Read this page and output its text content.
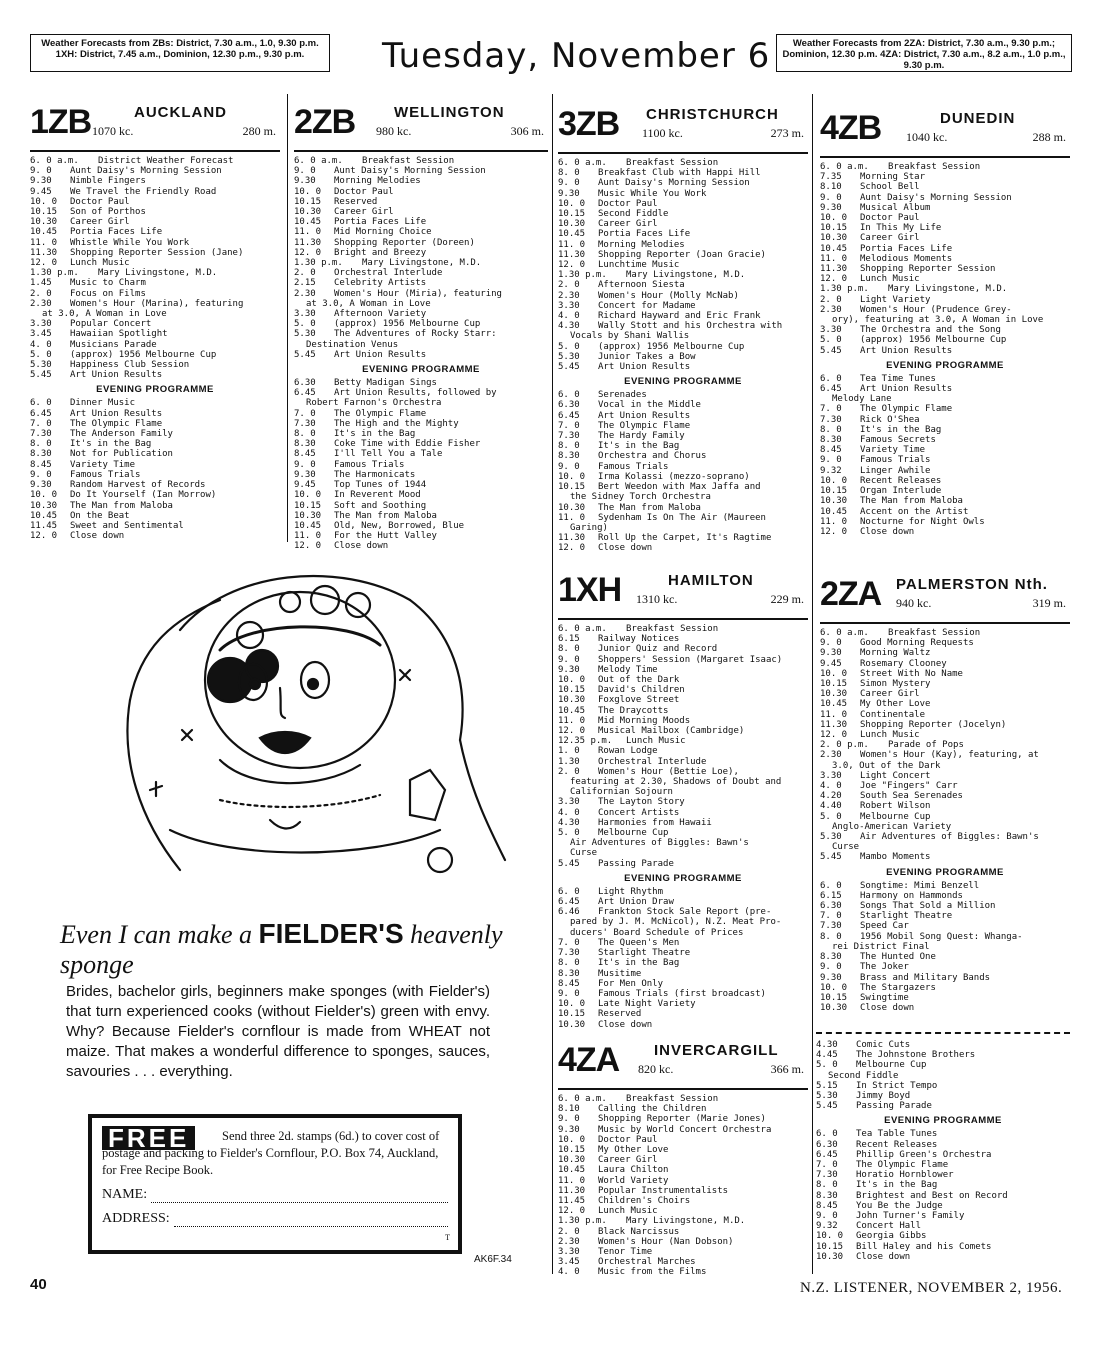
Weather Forecasts from ZBs: District, 7.30 a.m., 1.0, 9.30 p.m. 1XH: District, 7.45 a.m., Dominion, 12.30 p.m., 9.30 p.m.	Tuesday, November 6	Weather Forecasts from 2ZA: District, 7.30 a.m., 9.30 p.m.; Dominion, 12.30 p.m. 4ZA: District, 7.30 a.m., 8.2 a.m., 1.0 p.m., 9.30 p.m.
1ZB	AUCKLAND
1070 kc.	280 m.
6. 0 a.m. District Weather Forecast
9. 0 Aunt Daisy's Morning Session
9.30 Nimble Fingers
9.45 We Travel the Friendly Road
10. 0 Doctor Paul
10.15 Son of Porthos
10.30 Career Girl
10.45 Portia Faces Life
11. 0 Whistle While You Work
11.30 Shopping Reporter Session (Jane)
12. 0 Lunch Music
1.30 p.m. Mary Livingstone, M.D.
1.45 Music to Charm
2. 0 Focus on Films
2.30 Women's Hour (Marina), featuring
at 3.0, A Woman in Love
3.30 Popular Concert
3.45 Hawaiian Spotlight
4. 0 Musicians Parade
5. 0 (approx) 1956 Melbourne Cup
5.30 Happiness Club Session
5.45 Art Union Results
EVENING PROGRAMME
6. 0 Dinner Music
6.45 Art Union Results
7. 0 The Olympic Flame
7.30 The Anderson Family
8. 0 It's in the Bag
8.30 Not for Publication
8.45 Variety Time
9. 0 Famous Trials
9.30 Random Harvest of Records
10. 0 Do It Yourself (Ian Morrow)
10.30 The Man from Maloba
10.45 On the Beat
11.45 Sweet and Sentimental
12. 0 Close down
2ZB	WELLINGTON
980 kc.	306 m.
6. 0 a.m. Breakfast Session
9. 0 Aunt Daisy's Morning Session
9.30 Morning Melodies
10. 0 Doctor Paul
10.15 Reserved
10.30 Career Girl
10.45 Portia Faces Life
11. 0 Mid Morning Choice
11.30 Shopping Reporter (Doreen)
12. 0 Bright and Breezy
1.30 p.m. Mary Livingstone, M.D.
2. 0 Orchestral Interlude
2.15 Celebrity Artists
2.30 Women's Hour (Miria), featuring
at 3.0, A Woman in Love
3.30 Afternoon Variety
5. 0 (approx) 1956 Melbourne Cup
5.30 The Adventures of Rocky Starr:
Destination Venus
5.45 Art Union Results
EVENING PROGRAMME
6.30 Betty Madigan Sings
6.45 Art Union Results, followed by
Robert Farnon's Orchestra
7. 0 The Olympic Flame
7.30 The High and the Mighty
8. 0 It's in the Bag
8.30 Coke Time with Eddie Fisher
8.45 I'll Tell You a Tale
9. 0 Famous Trials
9.30 The Harmonicats
9.45 Top Tunes of 1944
10. 0 In Reverent Mood
10.15 Soft and Soothing
10.30 The Man from Maloba
10.45 Old, New, Borrowed, Blue
11. 0 For the Hutt Valley
12. 0 Close down
3ZB CHRISTCHURCH
1100 kc.	273 m.
6. 0 a.m. Breakfast Session
8. 0 Breakfast Club with Happi Hill
9. 0 Aunt Daisy's Morning Session
9.30 Music While You Work
10. 0 Doctor Paul
10.15 Second Fiddle
10.30 Career Girl
10.45 Portia Faces Life
11. 0 Morning Melodies
11.30 Shopping Reporter (Joan Gracie)
12. 0 Lunchtime Music
1.30 p.m. Mary Livingstone, M.D.
2. 0 Afternoon Siesta
2.30 Women's Hour (Molly McNab)
3.30 Concert for Madame
4. 0 Richard Hayward and Eric Frank
4.30 Wally Stott and his Orchestra with
Vocals by Shani Wallis
5. 0 (approx) 1956 Melbourne Cup
5.30 Junior Takes a Bow
5.45 Art Union Results
EVENING PROGRAMME
6. 0 Serenades
6.30 Vocal in the Middle
6.45 Art Union Results
7. 0 The Olympic Flame
7.30 The Hardy Family
8. 0 It's in the Bag
8.30 Orchestra and Chorus
9. 0 Famous Trials
10. 0 Irma Kolassi (mezzo-soprano)
10.15 Bert Weedon with Max Jaffa and
the Sidney Torch Orchestra
10.30 The Man from Maloba
11. 0 Sydenham Is On The Air (Maureen
Garing)
11.30 Roll Up the Carpet, It's Ragtime
12. 0 Close down
4ZB	DUNEDIN
1040 kc.	288 m.
6. 0 a.m. Breakfast Session
7.35 Morning Star
8.10 School Bell
9. 0 Aunt Daisy's Morning Session
9.30 Musical Album
10. 0 Doctor Paul
10.15 In This My Life
10.30 Career Girl
10.45 Portia Faces Life
11. 0 Melodious Moments
11.30 Shopping Reporter Session
12. 0 Lunch Music
1.30 p.m. Mary Livingstone, M.D.
2. 0 Light Variety
2.30 Women's Hour (Prudence Grey-
ory), featuring at 3.0, A Woman in Love
3.30 The Orchestra and the Song
5. 0 (approx) 1956 Melbourne Cup
5.45 Art Union Results
EVENING PROGRAMME
6. 0 Tea Time Tunes
6.45 Art Union Results
Melody Lane
7. 0 The Olympic Flame
7.30 Rick O'Shea
8. 0 It's in the Bag
8.30 Famous Secrets
8.45 Variety Time
9. 0 Famous Trials
9.32 Linger Awhile
10. 0 Recent Releases
10.15 Organ Interlude
10.30 The Man from Maloba
10.45 Accent on the Artist
11. 0 Nocturne for Night Owls
12. 0 Close down
1XH	HAMILTON
1310 kc.	229 m.
6. 0 a.m. Breakfast Session
6.15 Railway Notices
8. 0 Junior Quiz and Record
9. 0 Shoppers' Session (Margaret Isaac)
9.30 Melody Time
10. 0 Out of the Dark
10.15 David's Children
10.30 Foxglove Street
10.45 The Draycotts
11. 0 Mid Morning Moods
12. 0 Musical Mailbox (Cambridge)
12.35 p.m. Lunch Music
1. 0 Rowan Lodge
1.30 Orchestral Interlude
2. 0 Women's Hour (Bettie Loe),
featuring at 2.30, Shadows of Doubt and
Californian Sojourn
3.30 The Layton Story
4. 0 Concert Artists
4.30 Harmonies from Hawaii
5. 0 Melbourne Cup
Air Adventures of Biggles: Bawn's
Curse
5.45 Passing Parade
EVENING PROGRAMME
6. 0 Light Rhythm
6.45 Art Union Draw
6.46 Frankton Stock Sale Report (pre-
pared by J. M. McNicol), N.Z. Meat Pro-
ducers' Board Schedule of Prices
7. 0 The Queen's Men
7.30 Starlight Theatre
8. 0 It's in the Bag
8.30 Musitime
8.45 For Men Only
9. 0 Famous Trials (first broadcast)
10. 0 Late Night Variety
10.15 Reserved
10.30 Close down
2ZA PALMERSTON Nth.
940 kc.	319 m.
6. 0 a.m. Breakfast Session
9. 0 Good Morning Requests
9.30 Morning Waltz
9.45 Rosemary Clooney
10. 0 Street With No Name
10.15 Simon Mystery
10.30 Career Girl
10.45 My Other Love
11. 0 Continentale
11.30 Shopping Reporter (Jocelyn)
12. 0 Lunch Music
2. 0 p.m. Parade of Pops
2.30 Women's Hour (Kay), featuring, at
3.0, Out of the Dark
3.30 Light Concert
4. 0 Joe "Fingers" Carr
4.20 South Sea Serenades
4.40 Robert Wilson
5. 0 Melbourne Cup
Anglo-American Variety
5.30 Air Adventures of Biggles: Bawn's
Curse
5.45 Mambo Moments
EVENING PROGRAMME
6. 0 Songtime: Mimi Benzell
6.15 Harmony on Hammonds
6.30 Songs That Sold a Million
7. 0 Starlight Theatre
7.30 Speed Car
8. 0 1956 Mobil Song Quest: Whanga-
rei District Final
8.30 The Hunted One
9. 0 The Joker
9.30 Brass and Military Bands
10. 0 The Stargazers
10.15 Swingtime
10.30 Close down
4ZA INVERCARGILL
820 kc.	366 m.
6. 0 a.m. Breakfast Session
8.10 Calling the Children
9. 0 Shopping Reporter (Marie Jones)
9.30 Music by World Concert Orchestra
10. 0 Doctor Paul
10.15 My Other Love
10.30 Career Girl
10.45 Laura Chilton
11. 0 World Variety
11.30 Popular Instrumentalists
11.45 Children's Choirs
12. 0 Lunch Music
1.30 p.m. Mary Livingstone, M.D.
2. 0 Black Narcissus
2.30 Women's Hour (Nan Dobson)
3.30 Tenor Time
3.45 Orchestral Marches
4. 0 Music from the Films
4.30 Comic Cuts
4.45 The Johnstone Brothers
5. 0 Melbourne Cup
Second Fiddle
5.15 In Strict Tempo
5.30 Jimmy Boyd
5.45 Passing Parade
EVENING PROGRAMME
6. 0 Tea Table Tunes
6.30 Recent Releases
6.45 Phillip Green's Orchestra
7. 0 The Olympic Flame
7.30 Horatio Hornblower
8. 0 It's in the Bag
8.30 Brightest and Best on Record
8.45 You Be the Judge
9. 0 John Turner's Family
9.32 Concert Hall
10. 0 Georgia Gibbs
10.15 Bill Haley and his Comets
10.30 Close down
Even I can make a FIELDER'S heavenly sponge
Brides, bachelor girls, beginners make sponges (with Fielder's) that turn experienced cooks (without Fielder's) green with envy. Why? Because Fielder's cornflour is made from WHEAT not maize. That makes a wonderful difference to sponges, sauces, savouries . . . everything.
FREE	Send three 2d. stamps (6d.) to cover cost of postage and packing to Fielder's Cornflour, P.O. Box 74, Auckland, for Free Recipe Book.
NAME:
ADDRESS:
T
AK6F.34
40	N.Z. LISTENER, NOVEMBER 2, 1956.
